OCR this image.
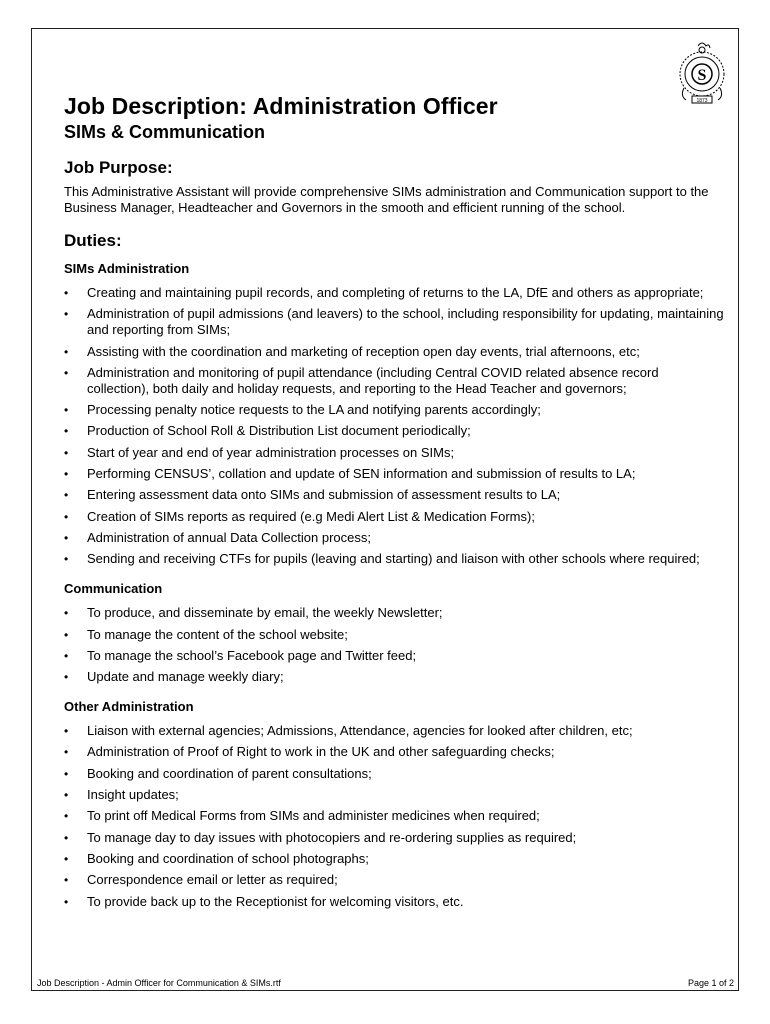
S
1873
Job Description: Administration Officer
SIMs & Communication
Job Purpose:

This Administrative Assistant will provide comprehensive SIMs administration and Communication support to the Business Manager, Headteacher and Governors in the smooth and efficient running of the school.

Duties:
SIMs Administration
• Creating and maintaining pupil records, and completing of returns to the LA, DfE and others as appropriate;
• Administration of pupil admissions (and leavers) to the school, including responsibility for updating, maintaining and reporting from SIMs;
• Assisting with the coordination and marketing of reception open day events, trial afternoons, etc;
• Administration and monitoring of pupil attendance (including Central COVID related absence record collection), both daily and holiday requests, and reporting to the Head Teacher and governors;
• Processing penalty notice requests to the LA and notifying parents accordingly;
• Production of School Roll & Distribution List document periodically;
• Start of year and end of year administration processes on SIMs;
• Performing CENSUS’, collation and update of SEN information and submission of results to LA;
• Entering assessment data onto SIMs and submission of assessment results to LA;
• Creation of SIMs reports as required (e.g Medi Alert List & Medication Forms);
• Administration of annual Data Collection process;
• Sending and receiving CTFs for pupils (leaving and starting) and liaison with other schools where required;
Communication
• To produce, and disseminate by email, the weekly Newsletter;
• To manage the content of the school website;
• To manage the school’s Facebook page and Twitter feed;
• Update and manage weekly diary;
Other Administration
• Liaison with external agencies; Admissions, Attendance, agencies for looked after children, etc;
• Administration of Proof of Right to work in the UK and other safeguarding checks;
• Booking and coordination of parent consultations;
• Insight updates;
• To print off Medical Forms from SIMs and administer medicines when required;
• To manage day to day issues with photocopiers and re-ordering supplies as required;
• Booking and coordination of school photographs;
• Correspondence email or letter as required;
• To provide back up to the Receptionist for welcoming visitors, etc.
Job Description - Admin Officer for Communication & SIMs.rtf	Page 1 of 2
